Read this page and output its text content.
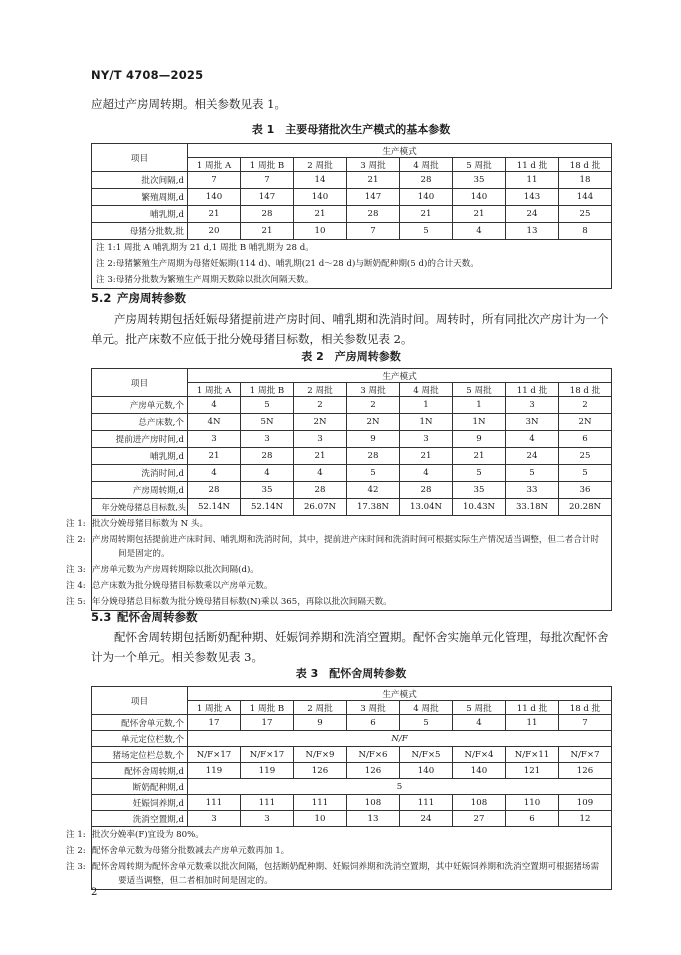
NY/T 4708—2025
应超过产房周转期。相关参数见表 1。
表 1　主要母猪批次生产模式的基本参数
项目	生产模式							
	1 周批 A	1 周批 B	2 周批	3 周批	4 周批	5 周批	11 d 批	18 d 批
批次间隔,d	7	7	14	21	28	35	11	18
繁殖周期,d	140	147	140	147	140	140	143	144
哺乳期,d	21	28	21	28	21	21	24	25
母猪分批数,批	20	21	10	7	5	4	13	8
注 1:1 周批 A 哺乳期为 21 d,1 周批 B 哺乳期为 28 d。								
注 2:母猪繁殖生产周期为母猪妊娠期(114 d)、哺乳期(21 d～28 d)与断奶配种期(5 d)的合计天数。								
注 3:母猪分批数为繁殖生产周期天数除以批次间隔天数。								
5.2 产房周转参数
产房周转期包括妊娠母猪提前进产房时间、哺乳期和洗消时间。周转时，所有同批次产房计为一个单元。批产床数不应低于批分娩母猪目标数，相关参数见表 2。
表 2　产房周转参数
项目	生产模式							
	1 周批 A	1 周批 B	2 周批	3 周批	4 周批	5 周批	11 d 批	18 d 批
产房单元数,个	4	5	2	2	1	1	3	2
总产床数,个	4N	5N	2N	2N	1N	1N	3N	2N
提前进产房时间,d	3	3	3	9	3	9	4	6
哺乳期,d	21	28	21	28	21	21	24	25
洗消时间,d	4	4	4	5	4	5	5	5
产房周转期,d	28	35	28	42	28	35	33	36
年分娩母猪总目标数,头	52.14N	52.14N	26.07N	17.38N	13.04N	10.43N	33.18N	20.28N
注 1: 批次分娩母猪目标数为 N 头。								
注 2: 产房周转期包括提前进产床时间、哺乳期和洗消时间，其中，提前进产床时间和洗消时间可根据实际生产情况适当调整，但二者合计时间是固定的。								
注 3: 产房单元数为产房周转期除以批次间隔(d)。								
注 4: 总产床数为批分娩母猪目标数乘以产房单元数。								
注 5: 年分娩母猪总目标数为批分娩母猪目标数(N)乘以 365，再除以批次间隔天数。								
5.3 配怀舍周转参数
配怀舍周转期包括断奶配种期、妊娠饲养期和洗消空置期。配怀舍实施单元化管理，每批次配怀舍计为一个单元。相关参数见表 3。
表 3　配怀舍周转参数
项目	生产模式							
	1 周批 A	1 周批 B	2 周批	3 周批	4 周批	5 周批	11 d 批	18 d 批
配怀舍单元数,个	17	17	9	6	5	4	11	7
单元定位栏数,个	N/F							
猪场定位栏总数,个	N/F×17	N/F×17	N/F×9	N/F×6	N/F×5	N/F×4	N/F×11	N/F×7
配怀舍周转期,d	119	119	126	126	140	140	121	126
断奶配种期,d	5							
妊娠饲养期,d	111	111	111	108	111	108	110	109
洗消空置期,d	3	3	10	13	24	27	6	12
注 1: 批次分娩率(F)宜设为 80%。								
注 2: 配怀舍单元数为母猪分批数减去产房单元数再加 1。								
注 3: 配怀舍周转期为配怀舍单元数乘以批次间隔，包括断奶配种期、妊娠饲养期和洗消空置期，其中妊娠饲养期和洗消空置期可根据猪场需要适当调整，但二者相加时间是固定的。								
2
